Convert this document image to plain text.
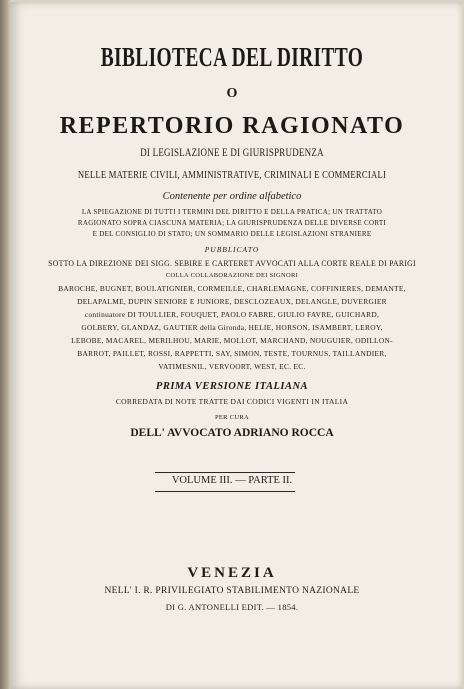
BIBLIOTECA DEL DIRITTO
O
REPERTORIO RAGIONATO
DI LEGISLAZIONE E DI GIURISPRUDENZA
NELLE MATERIE CIVILI, AMMINISTRATIVE, CRIMINALI E COMMERCIALI
Contenente per ordine alfabetico
LA SPIEGAZIONE DI TUTTI I TERMINI DEL DIRITTO E DELLA PRATICA; UN TRATTATO
RAGIONATO SOPRA CIASCUNA MATERIA; LA GIURISPRUDENZA DELLE DIVERSE CORTI
E DEL CONSIGLIO DI STATO; UN SOMMARIO DELLE LEGISLAZIONI STRANIERE
PUBBLICATO
SOTTO LA DIREZIONE DEI SIGG. SEBIRE E CARTERET AVVOCATI ALLA CORTE REALE DI PARIGI
COLLA COLLABORAZIONE DEI SIGNORI
BAROCHE, BUGNET, BOULATIGNIER, CORMEILLE, CHARLEMAGNE, COFFINIERES, DEMANTE,
DELAPALME, DUPIN SENIORE E JUNIORE, DESCLOZEAUX, DELANGLE, DUVERGIER
continuatore DI TOULLIER, FOUQUET, PAOLO FABRE, GIULIO FAVRE, GUICHARD,
GOLBERY, GLANDAZ, GAUTIER della Gironda, HELIE, HORSON, ISAMBERT, LEROY,
LEBOBE, MACAREL, MERILHOU, MARIE, MOLLOT, MARCHAND, NOUGUIER, ODILLON-
BARROT, PAILLET, ROSSI, RAPPETTI, SAY, SIMON, TESTE, TOURNUS, TAILLANDIER,
VATIMESNIL, VERVOORT, WEST, EC. EC.
PRIMA VERSIONE ITALIANA
CORREDATA DI NOTE TRATTE DAI CODICI VIGENTI IN ITALIA
PER CURA
DELL' AVVOCATO ADRIANO ROCCA
VOLUME III. — PARTE II.
VENEZIA
NELL' I. R. PRIVILEGIATO STABILIMENTO NAZIONALE
DI G. ANTONELLI EDIT. — 1854.
